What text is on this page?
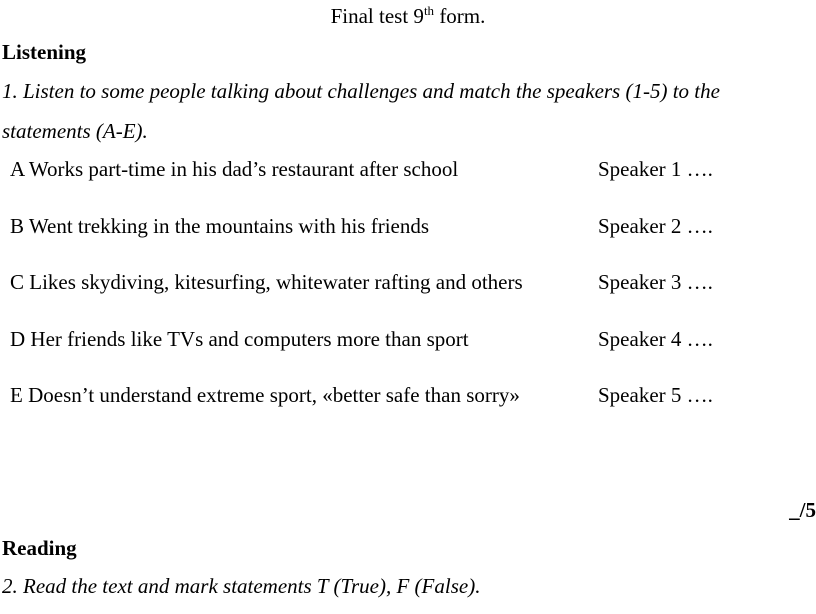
Final test 9th form.
Listening
1. Listen to some people talking about challenges and match the speakers (1-5) to the
statements (A-E).
A Works part-time in his dad’s restaurant after school	Speaker 1 ….
B Went trekking in the mountains with his friends	Speaker 2 ….
C Likes skydiving, kitesurfing, whitewater rafting and others	Speaker 3 ….
D Her friends like TVs and computers more than sport	Speaker 4 ….
E Doesn’t understand extreme sport, «better safe than sorry»	Speaker 5 ….
_/5
Reading
2. Read the text and mark statements T (True), F (False).
